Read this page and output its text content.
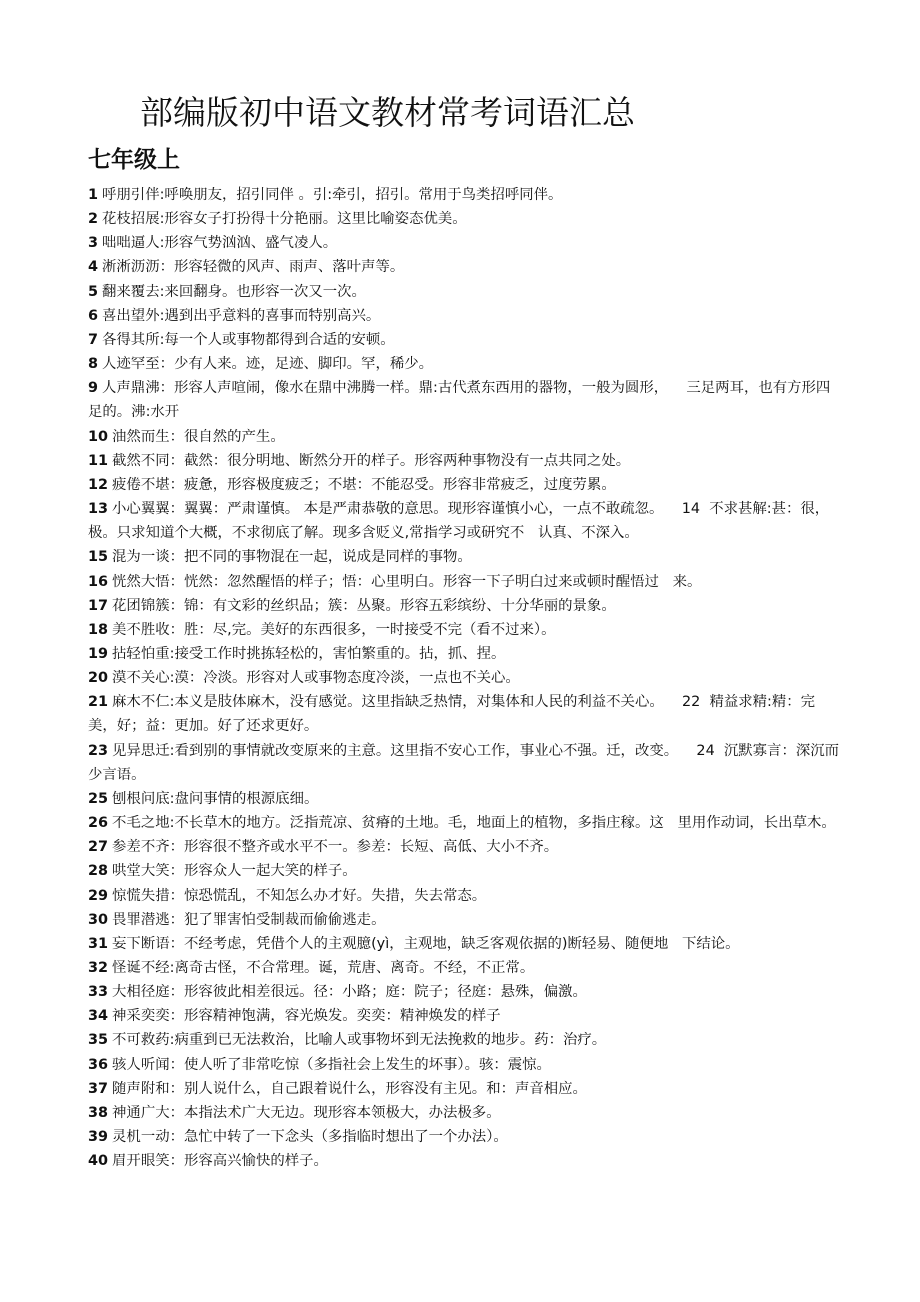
部编版初中语文教材常考词语汇总
七年级上
1 呼朋引伴:呼唤朋友，招引同伴 。引:牵引，招引。常用于鸟类招呼同伴。
2 花枝招展:形容女子打扮得十分艳丽。这里比喻姿态优美。
3 咄咄逼人:形容气势汹汹、盛气凌人。
4 淅淅沥沥：形容轻微的风声、雨声、落叶声等。
5 翻来覆去:来回翻身。也形容一次又一次。
6 喜出望外:遇到出乎意料的喜事而特别高兴。
7 各得其所:每一个人或事物都得到合适的安顿。
8 人迹罕至：少有人来。迹，足迹、脚印。罕，稀少。
9 人声鼎沸：形容人声喧闹，像水在鼎中沸腾一样。鼎:古代煮东西用的器物，一般为圆形，    三足两耳，也有方形四足的。沸:水开
10 油然而生：很自然的产生。
11 截然不同：截然：很分明地、断然分开的样子。形容两种事物没有一点共同之处。
12 疲倦不堪：疲惫，形容极度疲乏；不堪：不能忍受。形容非常疲乏，过度劳累。
13 小心翼翼：翼翼：严肃谨慎。 本是严肃恭敬的意思。现形容谨慎小心，一点不敢疏忽。    14  不求甚解:甚：很，极。只求知道个大概，不求彻底了解。现多含贬义,常指学习或研究不   认真、不深入。
15 混为一谈：把不同的事物混在一起，说成是同样的事物。
16 恍然大悟：恍然：忽然醒悟的样子；悟：心里明白。形容一下子明白过来或顿时醒悟过   来。
17 花团锦簇：锦：有文彩的丝织品；簇：丛聚。形容五彩缤纷、十分华丽的景象。
18 美不胜收：胜：尽,完。美好的东西很多，一时接受不完（看不过来）。
19 拈轻怕重:接受工作时挑拣轻松的，害怕繁重的。拈，抓、捏。
20 漠不关心:漠：冷淡。形容对人或事物态度冷淡，一点也不关心。
21 麻木不仁:本义是肢体麻木，没有感觉。这里指缺乏热情，对集体和人民的利益不关心。    22  精益求精:精：完美，好；益：更加。好了还求更好。
23 见异思迁:看到别的事情就改变原来的主意。这里指不安心工作，事业心不强。迁，改变。    24  沉默寡言：深沉而少言语。
25 刨根问底:盘问事情的根源底细。
26 不毛之地:不长草木的地方。泛指荒凉、贫瘠的土地。毛，地面上的植物，多指庄稼。这   里用作动词，长出草木。
27 参差不齐：形容很不整齐或水平不一。参差：长短、高低、大小不齐。
28 哄堂大笑：形容众人一起大笑的样子。
29 惊慌失措：惊恐慌乱，不知怎么办才好。失措，失去常态。
30 畏罪潜逃：犯了罪害怕受制裁而偷偷逃走。
31 妄下断语：不经考虑，凭借个人的主观臆(yì，主观地，缺乏客观依据的)断轻易、随便地   下结论。
32 怪诞不经:离奇古怪，不合常理。诞，荒唐、离奇。不经，不正常。
33 大相径庭：形容彼此相差很远。径：小路；庭：院子；径庭：悬殊，偏激。
34 神采奕奕：形容精神饱满，容光焕发。奕奕：精神焕发的样子
35 不可救药:病重到已无法救治，比喻人或事物坏到无法挽救的地步。药：治疗。
36 骇人听闻：使人听了非常吃惊（多指社会上发生的坏事）。骇：震惊。
37 随声附和：别人说什么，自己跟着说什么，形容没有主见。和：声音相应。
38 神通广大：本指法术广大无边。现形容本领极大，办法极多。
39 灵机一动：急忙中转了一下念头（多指临时想出了一个办法）。
40 眉开眼笑：形容高兴愉快的样子。
